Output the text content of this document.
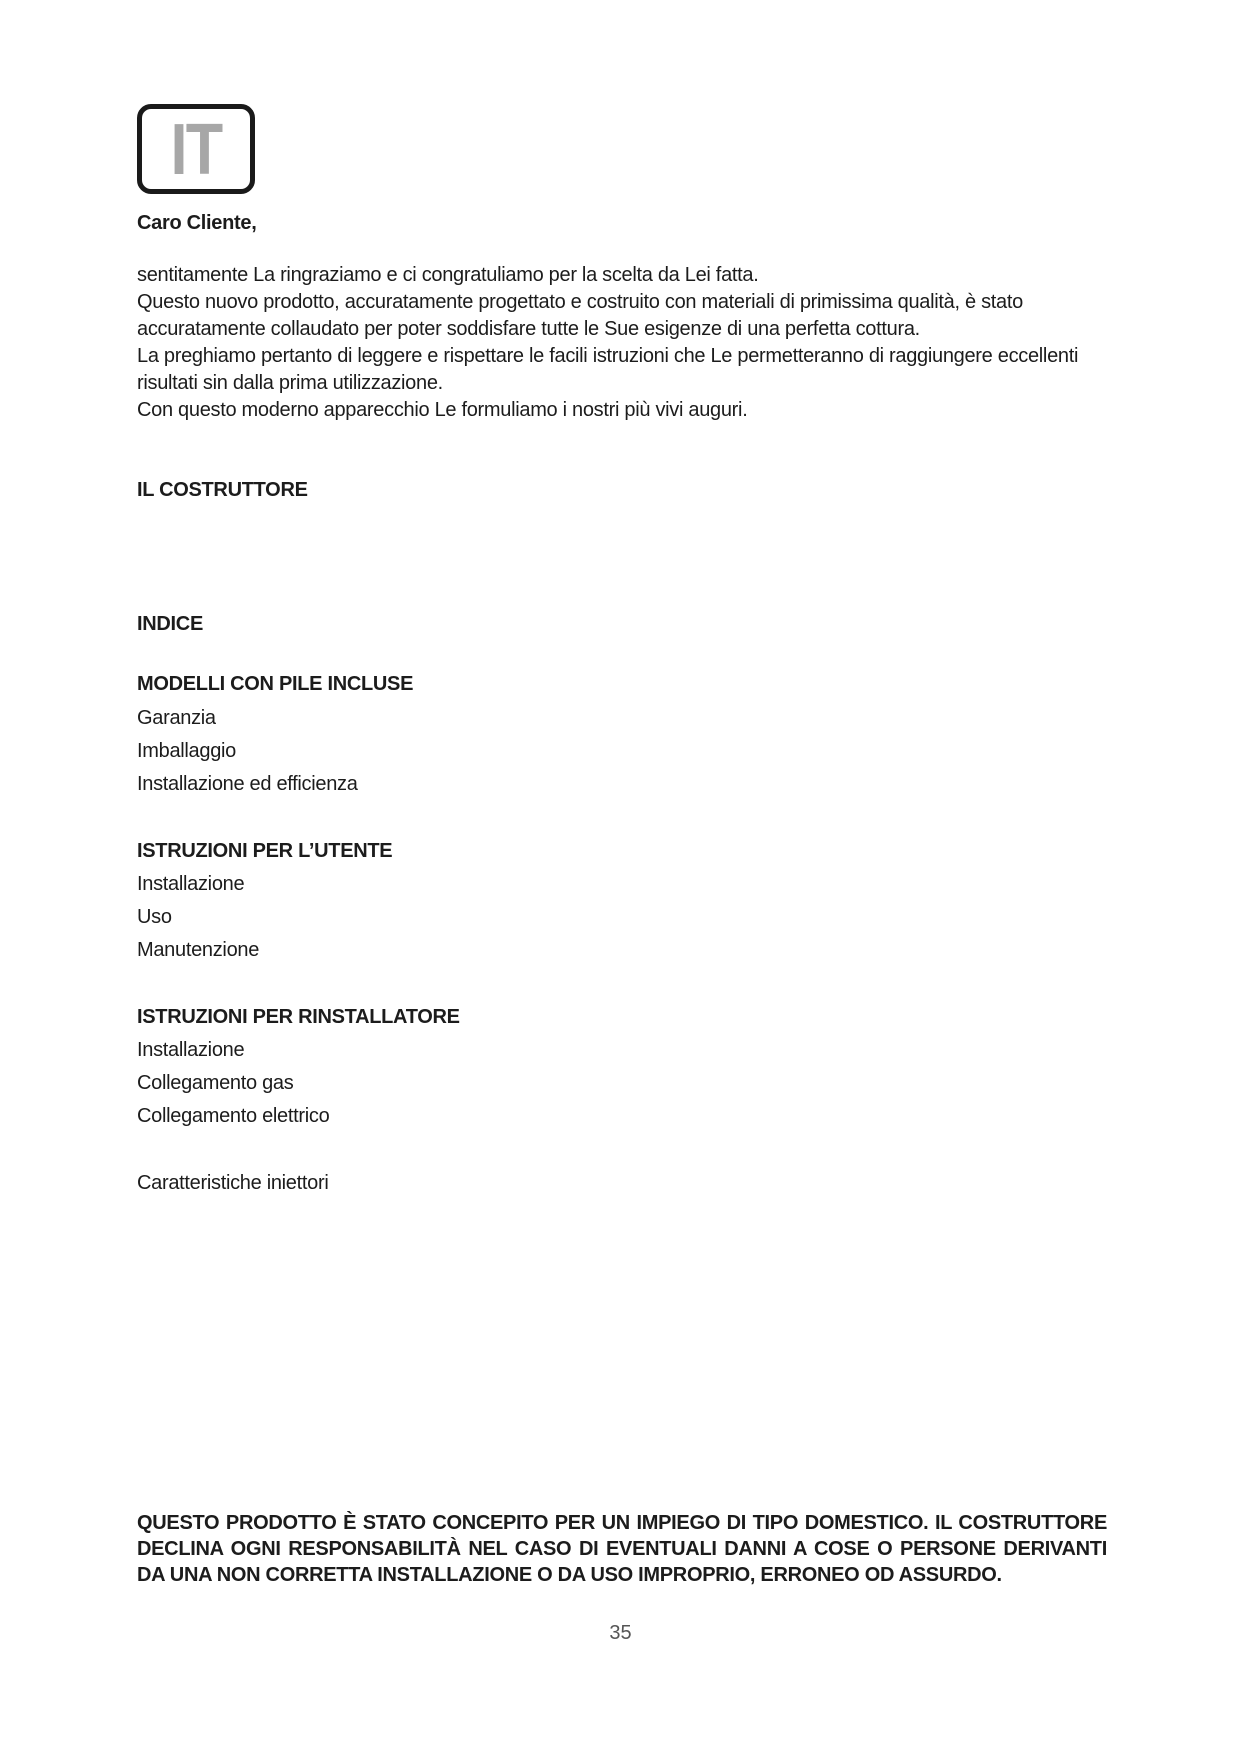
IT
Caro Cliente,

sentitamente La ringraziamo e ci congratuliamo per la scelta da Lei fatta.

Questo nuovo prodotto, accuratamente progettato e costruito con materiali di primissima qualità, è stato accuratamente collaudato per poter soddisfare tutte le Sue esigenze di una perfetta cottura.

La preghiamo pertanto di leggere e rispettare le facili istruzioni che Le permetteranno di raggiungere eccellenti risultati sin dalla prima utilizzazione.

Con questo moderno apparecchio Le formuliamo i nostri più vivi auguri.

IL COSTRUTTORE
INDICE
MODELLI CON PILE INCLUSE
Garanzia
Imballaggio
Installazione ed efficienza
ISTRUZIONI PER L’UTENTE
Installazione
Uso
Manutenzione
ISTRUZIONI PER RINSTALLATORE
Installazione
Collegamento gas
Collegamento elettrico
Caratteristiche iniettori
QUESTO PRODOTTO È STATO CONCEPITO PER UN IMPIEGO DI TIPO DOMESTICO. IL COSTRUTTORE DECLINA OGNI RESPONSABILITÀ NEL CASO DI EVENTUALI DANNI A COSE O PERSONE DERIVANTI DA UNA NON CORRETTA INSTALLAZIONE O DA USO IMPROPRIO, ERRONEO OD ASSURDO.
35
